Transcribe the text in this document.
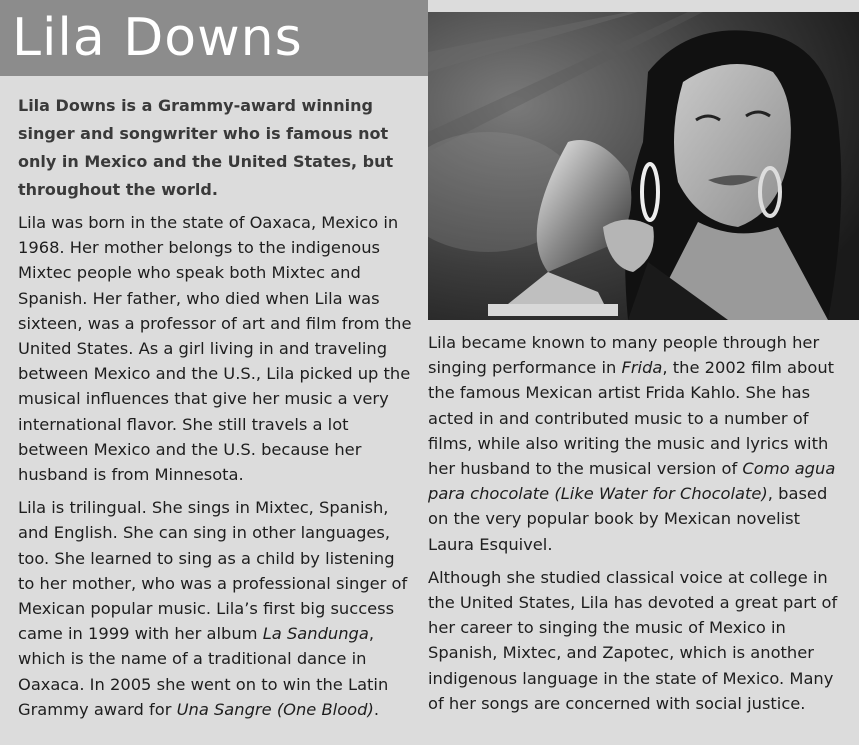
Lila Downs

Lila Downs is a Grammy-award winning singer and songwriter who is famous not only in Mexico and the United States, but throughout the world.

Lila was born in the state of Oaxaca, Mexico in 1968. Her mother belongs to the indigenous Mixtec people who speak both Mixtec and Spanish. Her father, who died when Lila was sixteen, was a professor of art and film from the United States. As a girl living in and traveling between Mexico and the U.S., Lila picked up the musical influences that give her music a very international flavor. She still travels a lot between Mexico and the U.S. because her husband is from Minnesota.

Lila is trilingual. She sings in Mixtec, Spanish, and English. She can sing in other languages, too. She learned to sing as a child by listening to her mother, who was a professional singer of Mexican popular music. Lila’s first big success came in 1999 with her album La Sandunga, which is the name of a traditional dance in Oaxaca. In 2005 she went on to win the Latin Grammy award for Una Sangre (One Blood).

Lila became known to many people through her singing performance in Frida, the 2002 film about the famous Mexican artist Frida Kahlo. She has acted in and contributed music to a number of films, while also writing the music and lyrics with her husband to the musical version of Como agua para chocolate (Like Water for Chocolate), based on the very popular book by Mexican novelist Laura Esquivel.

Although she studied classical voice at college in the United States, Lila has devoted a great part of her career to singing the music of Mexico in Spanish, Mixtec, and Zapotec, which is another indigenous language in the state of Mexico. Many of her songs are concerned with social justice.
